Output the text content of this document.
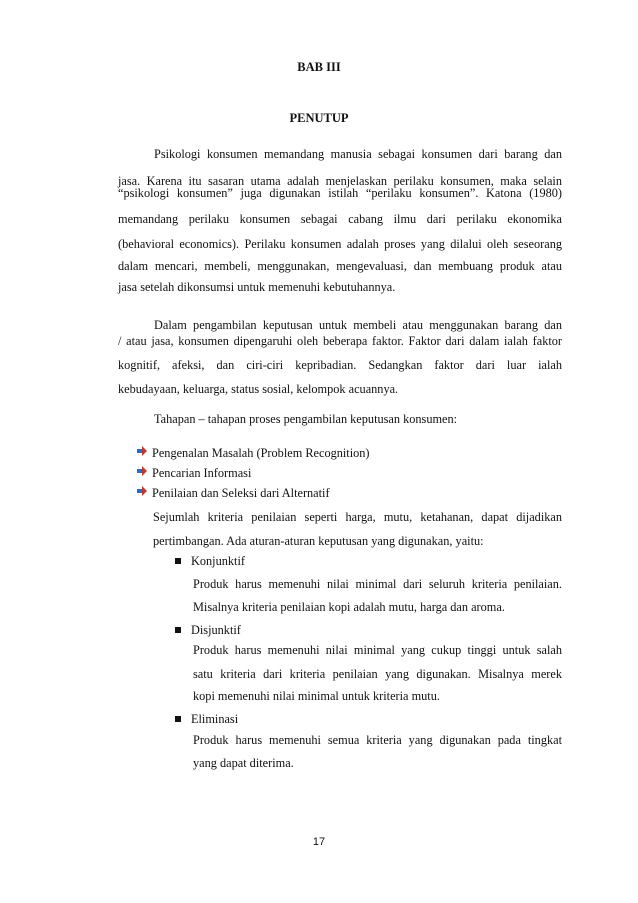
BAB III
PENUTUP
Psikologi konsumen memandang manusia sebagai konsumen dari barang dan
jasa. Karena itu sasaran utama adalah menjelaskan perilaku konsumen, maka selain
“psikologi konsumen” juga digunakan istilah “perilaku konsumen”. Katona (1980)
memandang perilaku konsumen sebagai cabang ilmu dari perilaku ekonomika
(behavioral economics). Perilaku konsumen adalah proses yang dilalui oleh seseorang
dalam mencari, membeli, menggunakan, mengevaluasi, dan membuang produk atau
jasa setelah dikonsumsi untuk memenuhi kebutuhannya.
Dalam pengambilan keputusan untuk membeli atau menggunakan barang dan
/ atau jasa, konsumen dipengaruhi oleh beberapa faktor. Faktor dari dalam ialah faktor
kognitif, afeksi, dan ciri-ciri kepribadian. Sedangkan faktor dari luar ialah
kebudayaan, keluarga, status sosial, kelompok acuannya.
Tahapan – tahapan proses pengambilan keputusan konsumen:
Pengenalan Masalah (Problem Recognition)
Pencarian Informasi
Penilaian dan Seleksi dari Alternatif
Sejumlah kriteria penilaian seperti harga, mutu, ketahanan, dapat dijadikan
pertimbangan. Ada aturan-aturan keputusan yang digunakan, yaitu:
Konjunktif
Produk harus memenuhi nilai minimal dari seluruh kriteria penilaian.
Misalnya kriteria penilaian kopi adalah mutu, harga dan aroma.
Disjunktif
Produk harus memenuhi nilai minimal yang cukup tinggi untuk salah
satu kriteria dari kriteria penilaian yang digunakan. Misalnya merek
kopi memenuhi nilai minimal untuk kriteria mutu.
Eliminasi
Produk harus memenuhi semua kriteria yang digunakan pada tingkat
yang dapat diterima.
17
